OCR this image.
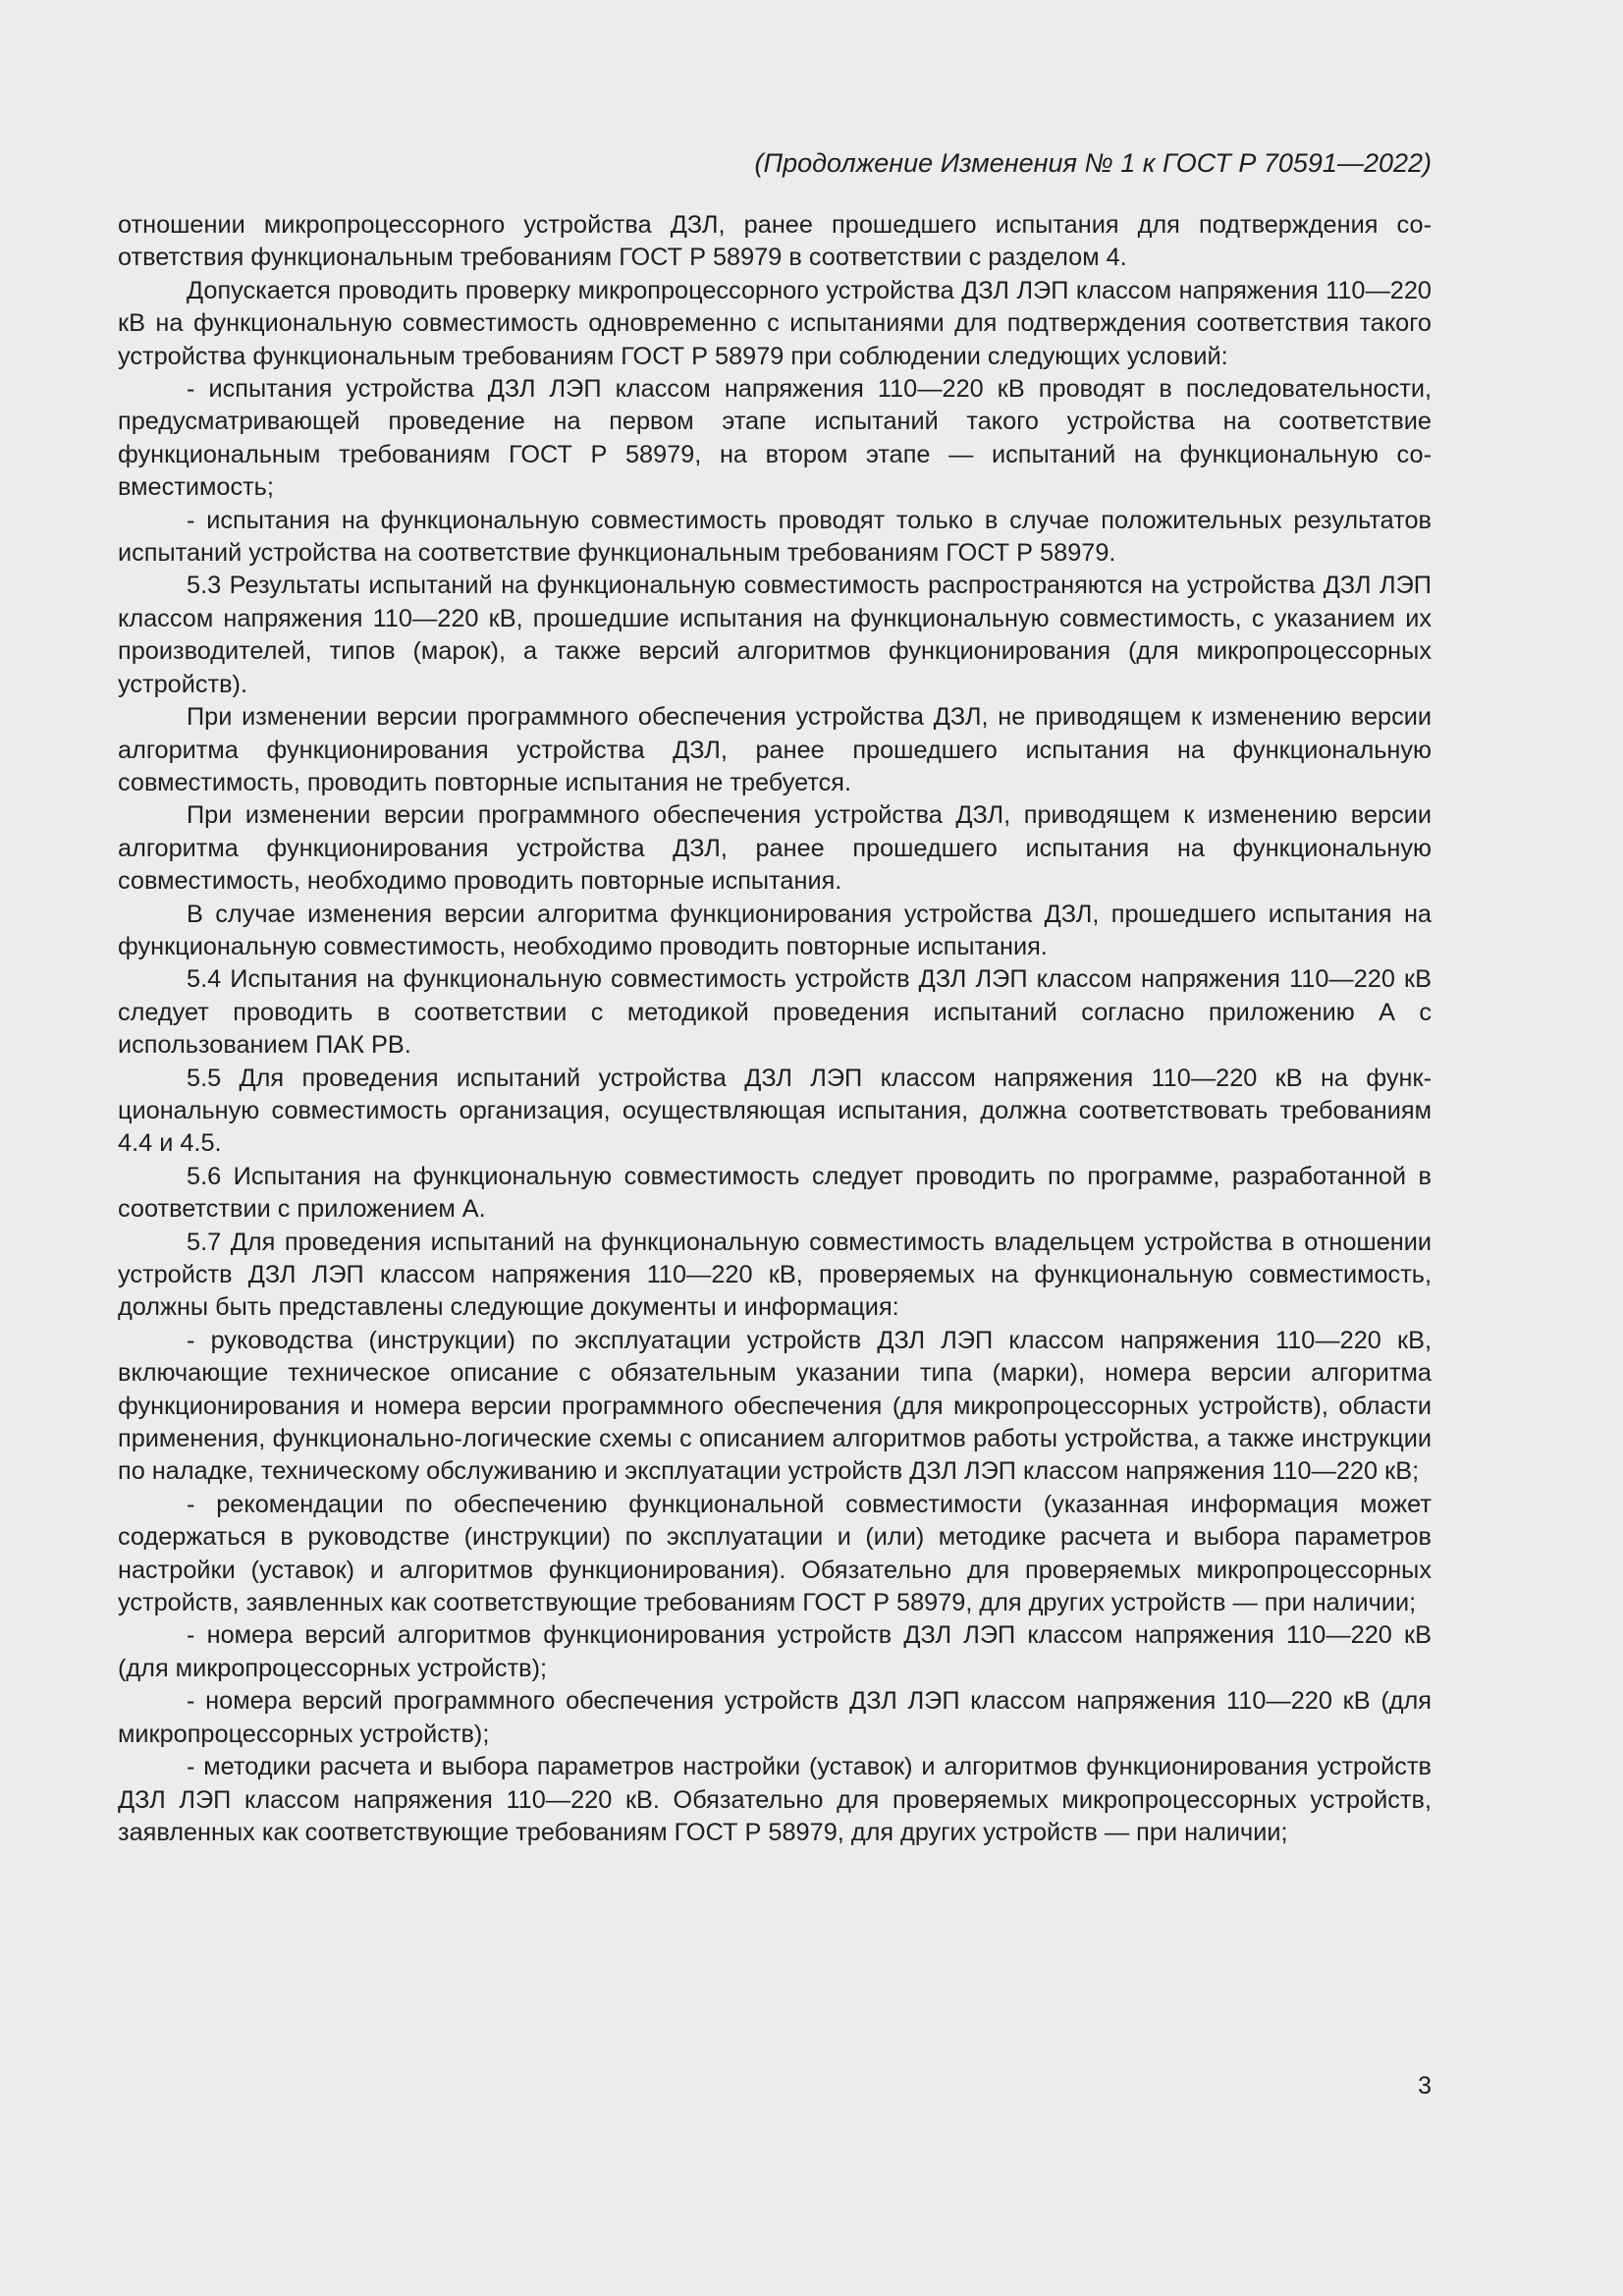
(Продолжение Изменения № 1 к ГОСТ Р 70591—2022)

отношении микропроцессорного устройства ДЗЛ, ранее прошедшего испытания для подтверждения соответствия функциональным требованиям ГОСТ Р 58979 в соответствии с разделом 4.

Допускается проводить проверку микропроцессорного устройства ДЗЛ ЛЭП классом напряжения 110—220 кВ на функциональную совместимость одновременно с испытаниями для подтверждения соответствия такого устройства функциональным требованиям ГОСТ Р 58979 при соблюдении следующих условий:

- испытания устройства ДЗЛ ЛЭП классом напряжения 110—220 кВ проводят в последовательности, предусматривающей проведение на первом этапе испытаний такого устройства на соответствие функциональным требованиям ГОСТ Р 58979, на втором этапе — испытаний на функциональную совместимость;

- испытания на функциональную совместимость проводят только в случае положительных результатов испытаний устройства на соответствие функциональным требованиям ГОСТ Р 58979.

5.3 Результаты испытаний на функциональную совместимость распространяются на устройства ДЗЛ ЛЭП классом напряжения 110—220 кВ, прошедшие испытания на функциональную совместимость, с указанием их производителей, типов (марок), а также версий алгоритмов функционирования (для микропроцессорных устройств).

При изменении версии программного обеспечения устройства ДЗЛ, не приводящем к изменению версии алгоритма функционирования устройства ДЗЛ, ранее прошедшего испытания на функциональную совместимость, проводить повторные испытания не требуется.

При изменении версии программного обеспечения устройства ДЗЛ, приводящем к изменению версии алгоритма функционирования устройства ДЗЛ, ранее прошедшего испытания на функциональную совместимость, необходимо проводить повторные испытания.

В случае изменения версии алгоритма функционирования устройства ДЗЛ, прошедшего испытания на функциональную совместимость, необходимо проводить повторные испытания.

5.4 Испытания на функциональную совместимость устройств ДЗЛ ЛЭП классом напряжения 110—220 кВ следует проводить в соответствии с методикой проведения испытаний согласно приложению А с использованием ПАК РВ.

5.5 Для проведения испытаний устройства ДЗЛ ЛЭП классом напряжения 110—220 кВ на функциональную совместимость организация, осуществляющая испытания, должна соответствовать требованиям 4.4 и 4.5.

5.6 Испытания на функциональную совместимость следует проводить по программе, разработанной в соответствии с приложением А.

5.7 Для проведения испытаний на функциональную совместимость владельцем устройства в отношении устройств ДЗЛ ЛЭП классом напряжения 110—220 кВ, проверяемых на функциональную совместимость, должны быть представлены следующие документы и информация:

- руководства (инструкции) по эксплуатации устройств ДЗЛ ЛЭП классом напряжения 110—220 кВ, включающие техническое описание с обязательным указании типа (марки), номера версии алгоритма функционирования и номера версии программного обеспечения (для микропроцессорных устройств), области применения, функционально-логические схемы с описанием алгоритмов работы устройства, а также инструкции по наладке, техническому обслуживанию и эксплуатации устройств ДЗЛ ЛЭП классом напряжения 110—220 кВ;

- рекомендации по обеспечению функциональной совместимости (указанная информация может содержаться в руководстве (инструкции) по эксплуатации и (или) методике расчета и выбора параметров настройки (уставок) и алгоритмов функционирования). Обязательно для проверяемых микропроцессорных устройств, заявленных как соответствующие требованиям ГОСТ Р 58979, для других устройств — при наличии;

- номера версий алгоритмов функционирования устройств ДЗЛ ЛЭП классом напряжения 110—220 кВ (для микропроцессорных устройств);

- номера версий программного обеспечения устройств ДЗЛ ЛЭП классом напряжения 110—220 кВ (для микропроцессорных устройств);

- методики расчета и выбора параметров настройки (уставок) и алгоритмов функционирования устройств ДЗЛ ЛЭП классом напряжения 110—220 кВ. Обязательно для проверяемых микропроцессорных устройств, заявленных как соответствующие требованиям ГОСТ Р 58979, для других устройств — при наличии;

3
